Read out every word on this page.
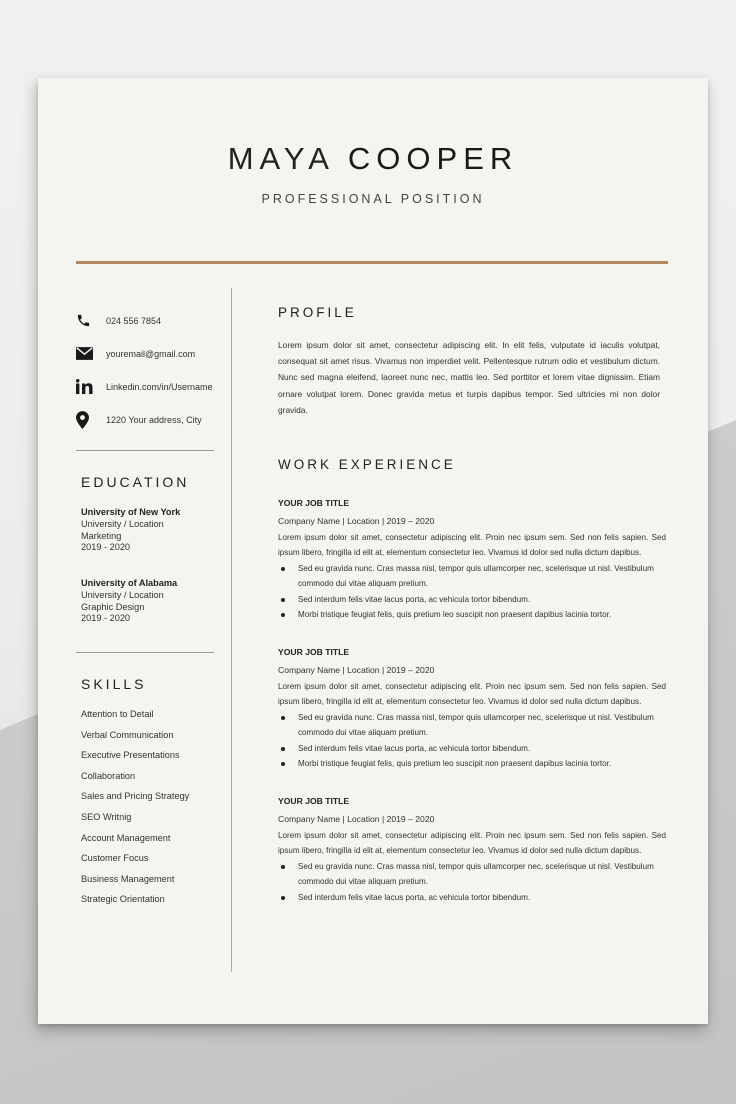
MAYA COOPER
PROFESSIONAL POSITION
024 556 7854
youremail@gmail.com
Linkedin.com/in/Username
1220 Your address, City
EDUCATION
University of New York
University / Location
Marketing
2019 - 2020
University of Alabama
University / Location
Graphic Design
2019 - 2020
SKILLS
Attention to Detail
Verbal Communication
Executive Presentations
Collaboration
Sales and Pricing Strategy
SEO Writnig
Account Management
Customer Focus
Business Management
Strategic Orientation
PROFILE
Lorem ipsum dolor sit amet, consectetur adipiscing elit. In elit felis, vulputate id iaculis volutpat, consequat sit amet risus. Vivamus non imperdiet velit. Pellentesque rutrum odio et vestibulum dictum. Nunc sed magna eleifend, laoreet nunc nec, mattis leo. Sed porttitor et lorem vitae dignissim. Etiam ornare volutpat lorem. Donec gravida metus et turpis dapibus tempor. Sed ultricies mi non dolor gravida.
WORK EXPERIENCE
YOUR JOB TITLE
Company Name | Location | 2019 – 2020
Lorem ipsum dolor sit amet, consectetur adipiscing elit. Proin nec ipsum sem. Sed non felis sapien. Sed ipsum libero, fringilla id elit at, elementum consectetur leo. Vivamus id dolor sed nulla dictum dapibus.
Sed eu gravida nunc. Cras massa nisl, tempor quis ullamcorper nec, scelerisque ut nisl. Vestibulum commodo dui vitae aliquam pretium.
Sed interdum felis vitae lacus porta, ac vehicula tortor bibendum.
Morbi tristique feugiat felis, quis pretium leo suscipit non praesent dapibus lacinia tortor.
YOUR JOB TITLE
Company Name | Location | 2019 – 2020
Lorem ipsum dolor sit amet, consectetur adipiscing elit. Proin nec ipsum sem. Sed non felis sapien. Sed ipsum libero, fringilla id elit at, elementum consectetur leo. Vivamus id dolor sed nulla dictum dapibus.
Sed eu gravida nunc. Cras massa nisl, tempor quis ullamcorper nec, scelerisque ut nisl. Vestibulum commodo dui vitae aliquam pretium.
Sed interdum felis vitae lacus porta, ac vehicula tortor bibendum.
Morbi tristique feugiat felis, quis pretium leo suscipit non praesent dapibus lacinia tortor.
YOUR JOB TITLE
Company Name | Location | 2019 – 2020
Lorem ipsum dolor sit amet, consectetur adipiscing elit. Proin nec ipsum sem. Sed non felis sapien. Sed ipsum libero, fringilla id elit at, elementum consectetur leo. Vivamus id dolor sed nulla dictum dapibus.
Sed eu gravida nunc. Cras massa nisl, tempor quis ullamcorper nec, scelerisque ut nisl. Vestibulum commodo dui vitae aliquam pretium.
Sed interdum felis vitae lacus porta, ac vehicula tortor bibendum.
